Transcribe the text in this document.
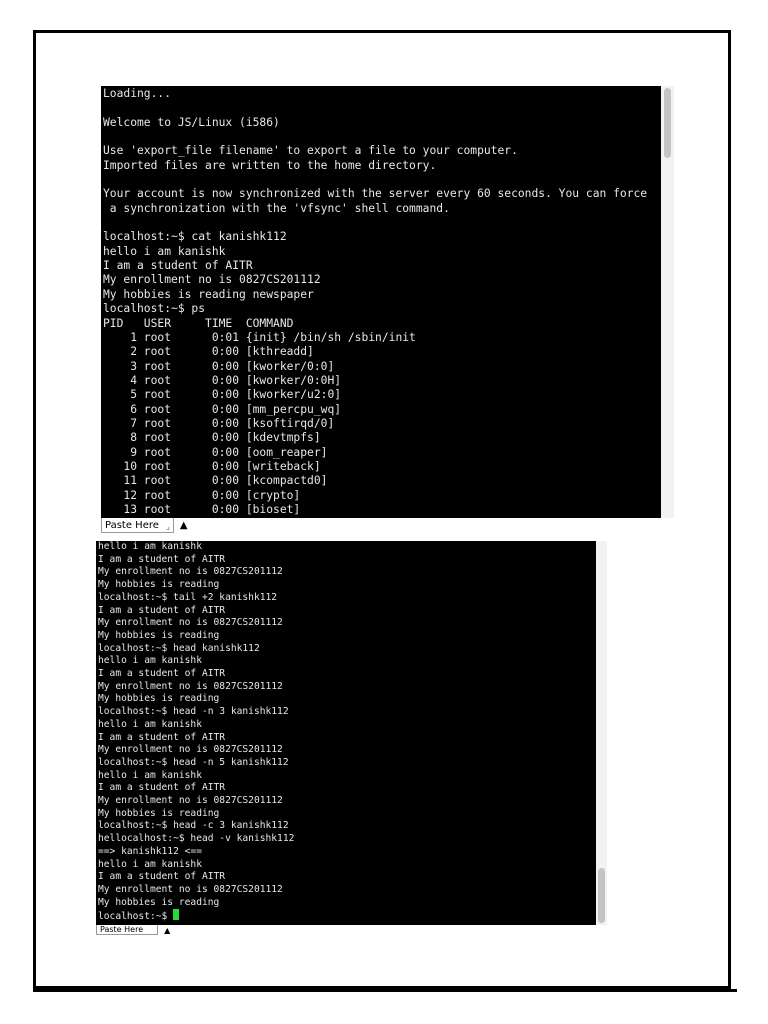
Loading...

Welcome to JS/Linux (i586)

Use 'export_file filename' to export a file to your computer.
Imported files are written to the home directory.

Your account is now synchronized with the server every 60 seconds. You can force
a synchronization with the 'vfsync' shell command.

localhost:~$ cat kanishk112
hello i am kanishk
I am a student of AITR
My enrollment no is 0827CS201112
My hobbies is reading newspaper
localhost:~$ ps
PID   USER     TIME  COMMAND
1 root      0:01 {init} /bin/sh /sbin/init
2 root      0:00 [kthreadd]
3 root      0:00 [kworker/0:0]
4 root      0:00 [kworker/0:0H]
5 root      0:00 [kworker/u2:0]
6 root      0:00 [mm_percpu_wq]
7 root      0:00 [ksoftirqd/0]
8 root      0:00 [kdevtmpfs]
9 root      0:00 [oom_reaper]
10 root      0:00 [writeback]
11 root      0:00 [kcompactd0]
12 root      0:00 [crypto]
13 root      0:00 [bioset]
Paste Here ⌟	▲
hello i am kanishk
I am a student of AITR
My enrollment no is 0827CS201112
My hobbies is reading
localhost:~$ tail +2 kanishk112
I am a student of AITR
My enrollment no is 0827CS201112
My hobbies is reading
localhost:~$ head kanishk112
hello i am kanishk
I am a student of AITR
My enrollment no is 0827CS201112
My hobbies is reading
localhost:~$ head -n 3 kanishk112
hello i am kanishk
I am a student of AITR
My enrollment no is 0827CS201112
localhost:~$ head -n 5 kanishk112
hello i am kanishk
I am a student of AITR
My enrollment no is 0827CS201112
My hobbies is reading
localhost:~$ head -c 3 kanishk112
hellocalhost:~$ head -v kanishk112
==> kanishk112 <==
hello i am kanishk
I am a student of AITR
My enrollment no is 0827CS201112
My hobbies is reading
localhost:~$
Paste Here	▲
